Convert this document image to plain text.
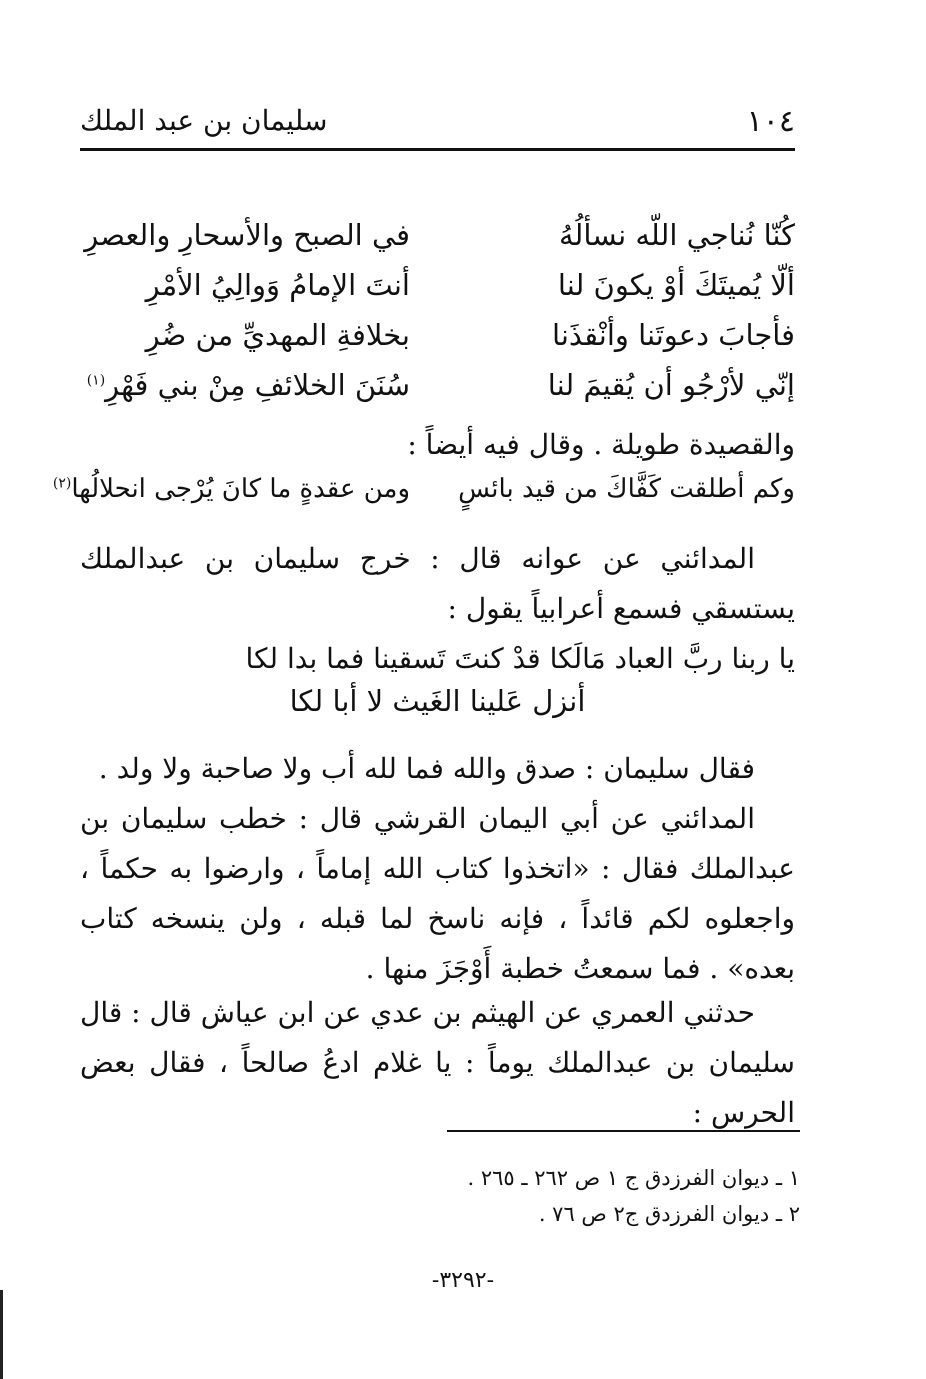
١٠٤
سليمان بن عبد الملك
كُنّا نُناجي اللّه نسألُهُ
في الصبح والأسحارِ والعصرِ
ألّا يُميتَكَ أوْ يكونَ لنا
أنتَ الإمامُ وَوالِيُ الأمْرِ
فأجابَ دعوتَنا وأنْقذَنا
بخلافةِ المهديِّ من ضُرِ
إنّي لأرْجُو أن يُقيمَ لنا
سُنَنَ الخلائفِ مِنْ بني فَهْرِ$^{(١)}$
والقصيدة طويلة . وقال فيه أيضاً :
وكم أطلقت كَفَّاكَ من قيد بائسٍ
ومن عقدةٍ ما كانَ يُرْجى انحلالُها$^{(٢)}$
المدائني عن عوانه قال : خرج سليمان بن عبدالملك يستسقي فسمع أعرابياً يقول :
يا ربنا ربَّ العباد مَالَكا قدْ كنتَ تَسقينا فما بدا لكا
أنزل عَلينا الغَيث لا أبا لكا
فقال سليمان : صدق والله فما لله أب ولا صاحبة ولا ولد .
المدائني عن أبي اليمان القرشي قال : خطب سليمان بن عبدالملك فقال : «اتخذوا كتاب الله إماماً ، وارضوا به حكماً ، واجعلوه لكم قائداً ، فإنه ناسخ لما قبله ، ولن ينسخه كتاب بعده» . فما سمعتُ خطبة أَوْجَزَ منها .
حدثني العمري عن الهيثم بن عدي عن ابن عياش قال : قال سليمان بن عبدالملك يوماً : يا غلام ادعُ صالحاً ، فقال بعض الحرس :
١ ـ ديوان الفرزدق ج ١ ص ٢٦٢ ـ ٢٦٥ .
٢ ـ ديوان الفرزدق ج٢ ص ٧٦ .
-٣٢٩٢-
